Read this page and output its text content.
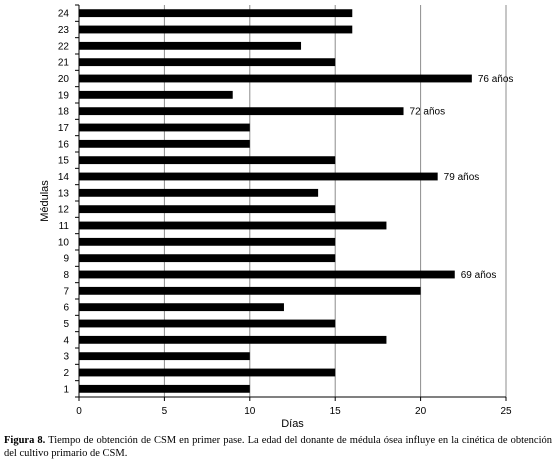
76 años
72 años
79 años
69 años
1
2
3
4
5
6
7
8
9
10
11
12
13
14
15
16
17
18
19
20
21
22
23
24
0	5	10	15	20	25
Días
Médulas
Figura 8. Tiempo de obtención de CSM en primer pase. La edad del donante de médula ósea influye en la cinética de obtención del cultivo primario de CSM.
